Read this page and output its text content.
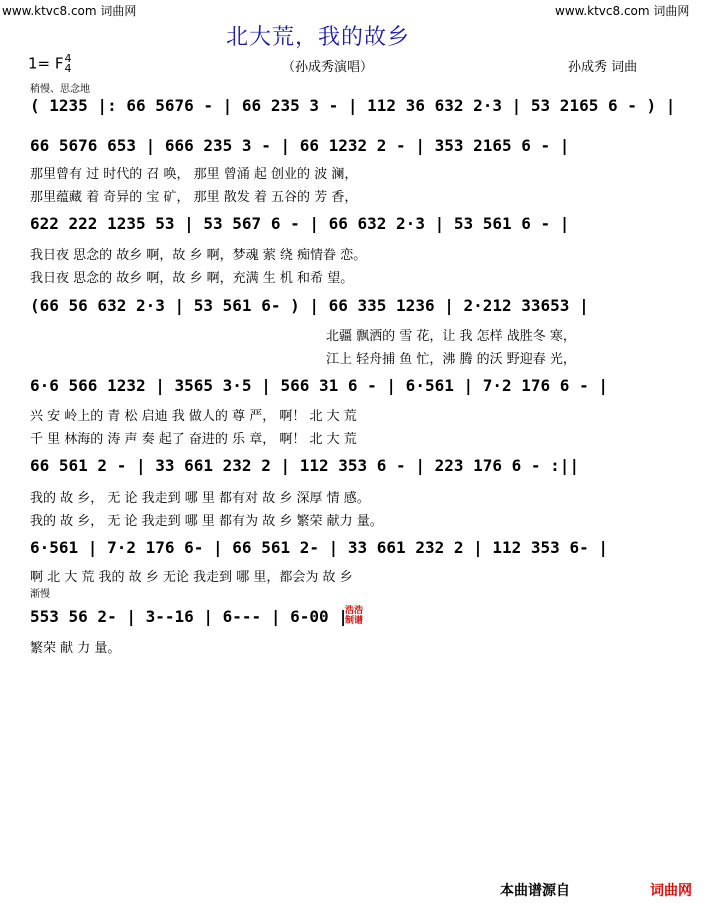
www.ktvc8.com 词曲网	www.ktvc8.com 词曲网
北大荒，我的故乡
1= F 4
4	（孙成秀演唱）	孙成秀 词曲
稍慢、思念地
( 1235 |: 66 5676 - | 66 235 3 - | 112 36 632 2·3 | 53 2165 6 - ) |
66 5676 653 | 666 235 3 - | 66 1232 2 - | 353 2165 6 - |
那里曾有 过 时代的 召 唤， 那里 曾涌 起 创业的 波 澜，
那里蕴藏 着 奇异的 宝 矿， 那里 散发 着 五谷的 芳 香，
622 222 1235 53 | 53 567 6 - | 66 632 2·3 | 53 561 6 - |
我日夜 思念的 故乡 啊，故 乡 啊，梦魂 萦 绕 痴情眷 恋。
我日夜 思念的 故乡 啊，故 乡 啊，充满 生 机 和希 望。
(66 56 632 2·3 | 53 561 6- ) | 66 335 1236 | 2·212 33653 |
北疆 飘洒的 雪 花，让 我 怎样 战胜冬 寒，
江上 轻舟捕 鱼 忙，沸 腾 的沃 野迎春 光，
6·6 566 1232 | 3565 3·5 | 566 31 6 - | 6·561 | 7·2 176 6 - |
兴 安 岭上的 青 松 启迪 我 做人的 尊 严， 啊！ 北 大 荒
千 里 林海的 涛 声 奏 起了 奋进的 乐 章， 啊！ 北 大 荒
66 561 2 - | 33 661 232 2 | 112 353 6 - | 223 176 6 - :||
我的 故 乡， 无 论 我走到 哪 里 都有对 故 乡 深厚 情 感。
我的 故 乡， 无 论 我走到 哪 里 都有为 故 乡 繁荣 献力 量。
6·561 | 7·2 176 6- | 66 561 2- | 33 661 232 2 | 112 353 6- |
啊 北 大 荒 我的 故 乡 无论 我走到 哪 里，都会为 故 乡
渐慢
553 56 2- | 3--16 | 6--- | 6-00 |
繁荣 献 力 量。
浩浩制谱
本曲谱源自	词曲网
